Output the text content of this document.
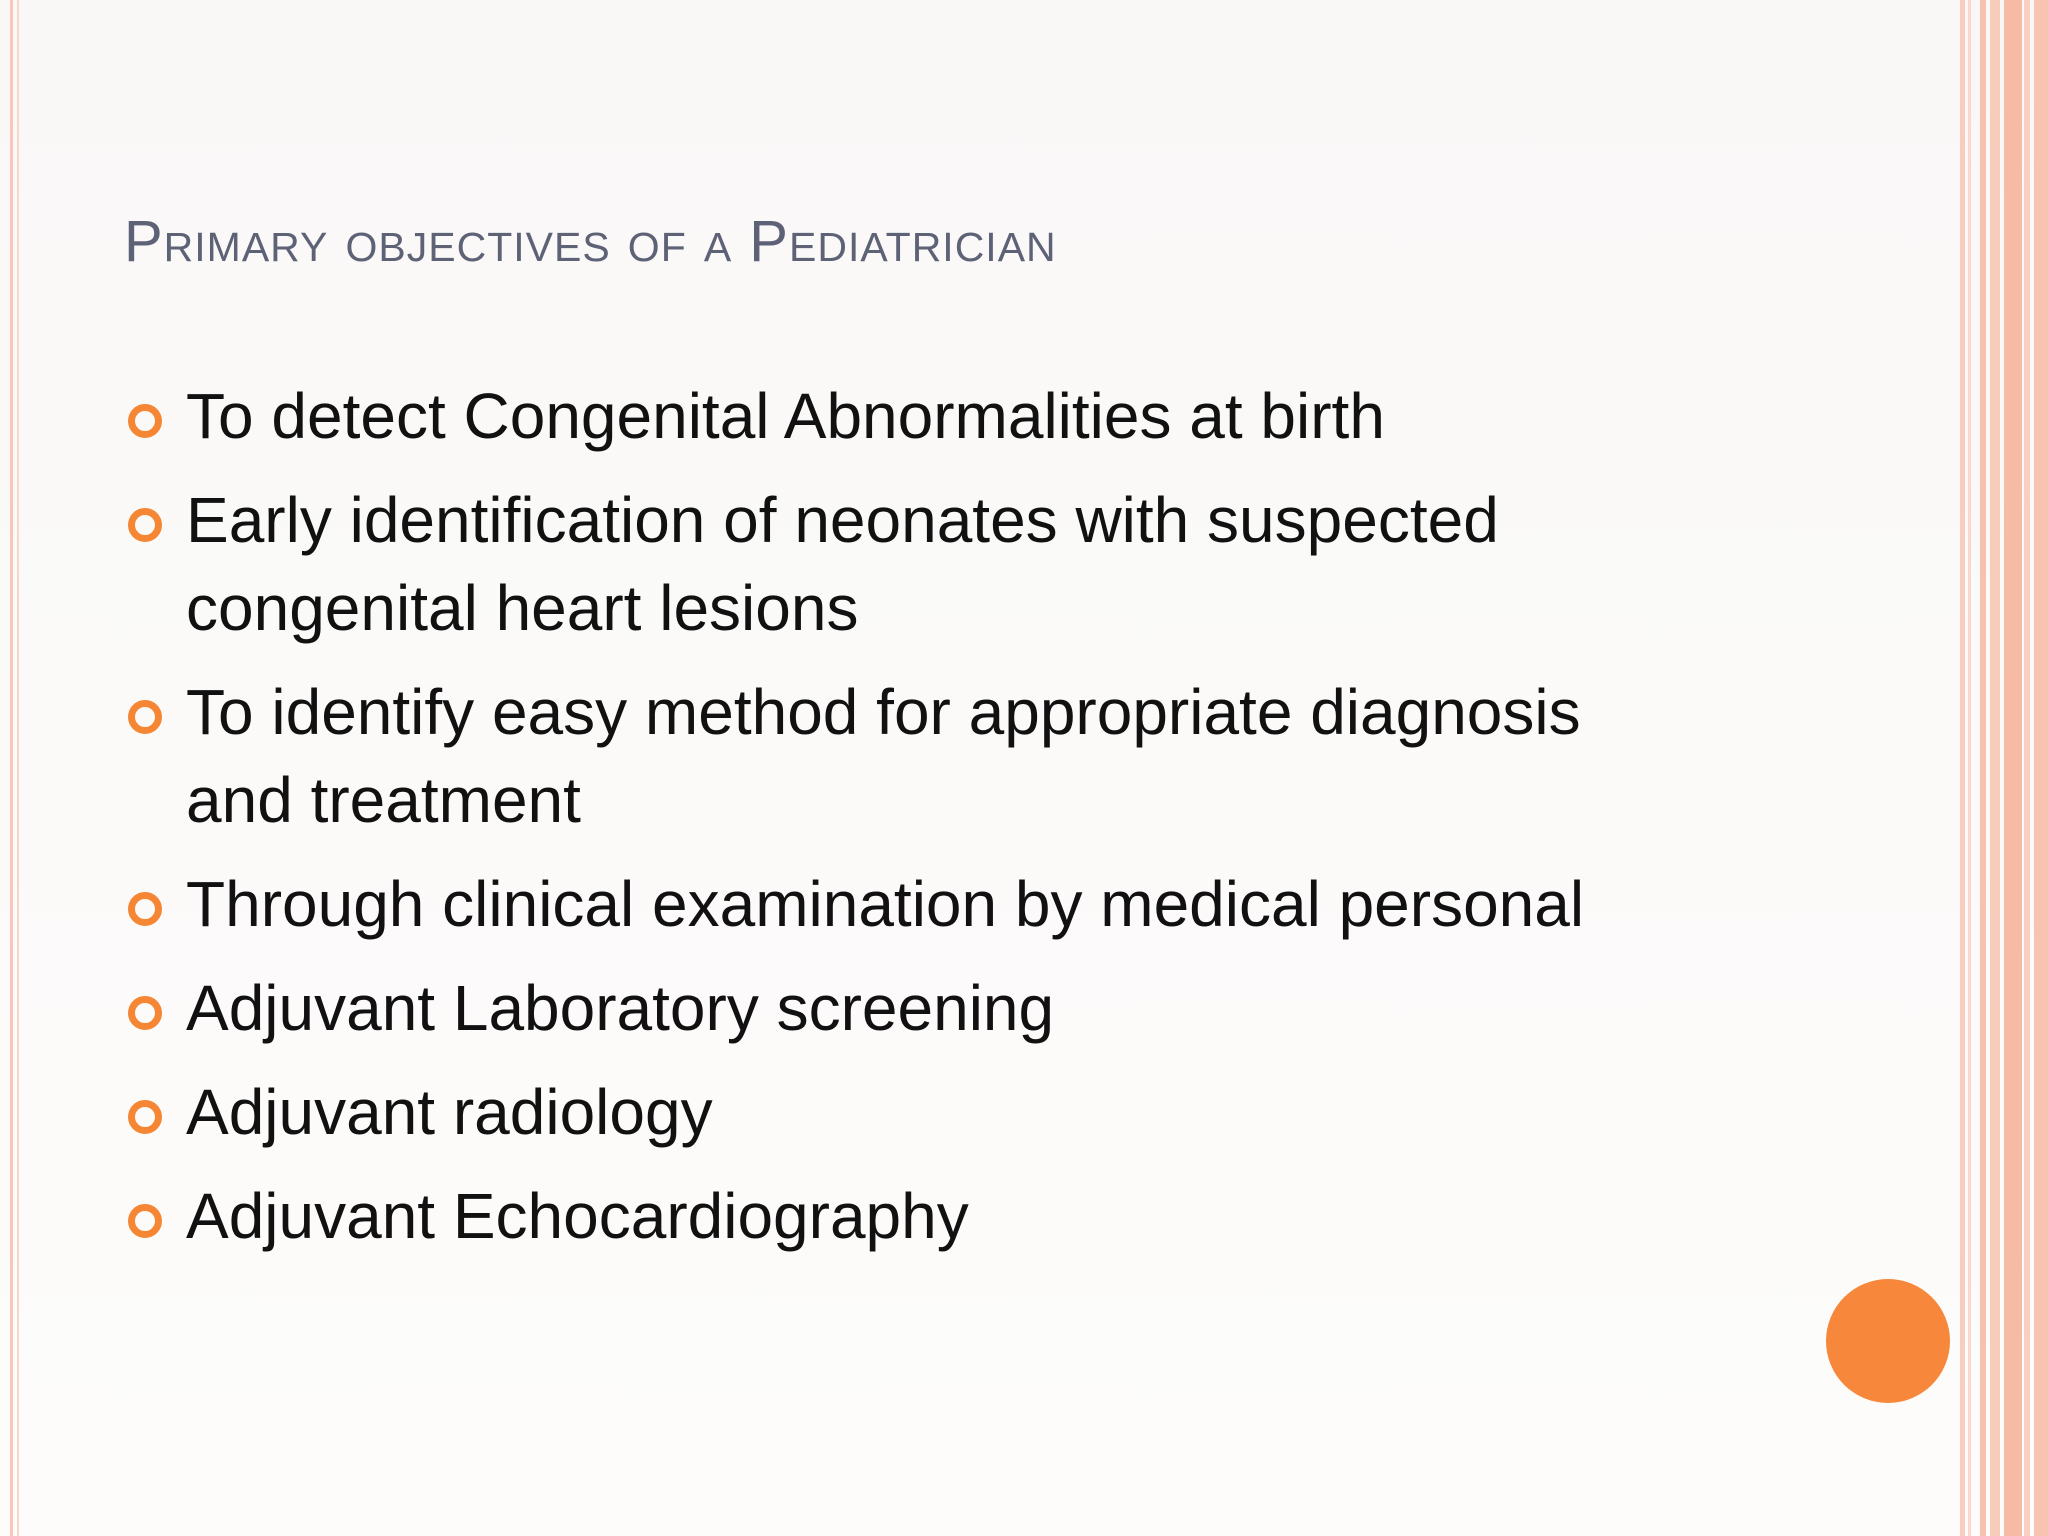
Primary objectives of a Pediatrician
To detect Congenital Abnormalities at birth
Early identification of neonates with suspected congenital heart lesions
To identify easy method for appropriate diagnosis and treatment
Through clinical examination by medical personal
Adjuvant Laboratory screening
Adjuvant radiology
Adjuvant Echocardiography
